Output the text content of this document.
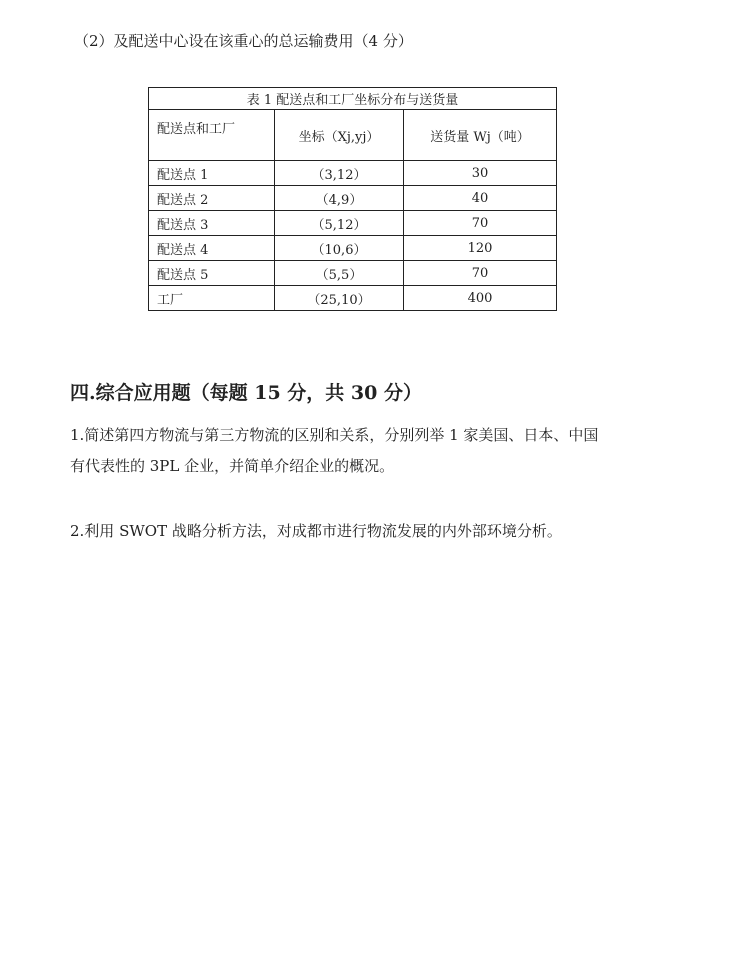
（2）及配送中心设在该重心的总运输费用（4 分）
表 1 配送点和工厂坐标分布与送货量		
配送点和工厂	坐标（Xj,yj）	送货量 Wj（吨）
配送点 1	（3,12）	30
配送点 2	（4,9）	40
配送点 3	（5,12）	70
配送点 4	（10,6）	120
配送点 5	（5,5）	70
工厂	（25,10）	400
四.综合应用题（每题 15 分，共 30 分）
1.简述第四方物流与第三方物流的区别和关系，分别列举 1 家美国、日本、中国
有代表性的 3PL 企业，并简单介绍企业的概况。
2.利用 SWOT 战略分析方法，对成都市进行物流发展的内外部环境分析。
